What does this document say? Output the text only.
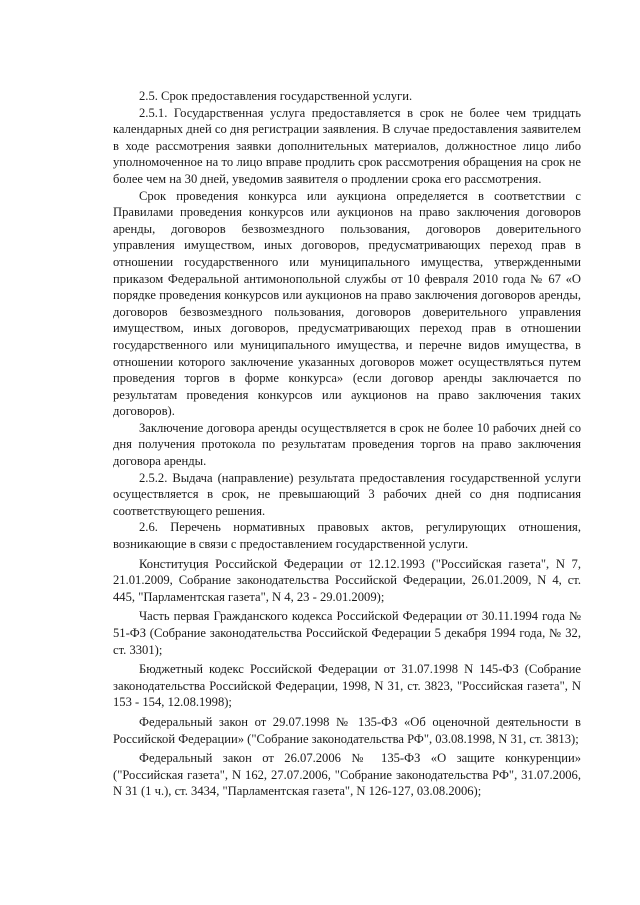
2.5. Срок предоставления государственной услуги.

2.5.1. Государственная услуга предоставляется в срок не более чем тридцать календарных дней со дня регистрации заявления. В случае предоставления заявителем в ходе рассмотрения заявки дополнительных материалов, должностное лицо либо уполномоченное на то лицо вправе продлить срок рассмотрения обращения на срок не более чем на 30 дней, уведомив заявителя о продлении срока его рассмотрения.

Срок проведения конкурса или аукциона определяется в соответствии с Правилами проведения конкурсов или аукционов на право заключения договоров аренды, договоров безвозмездного пользования, договоров доверительного управления имуществом, иных договоров, предусматривающих переход прав в отношении государственного или муниципального имущества, утвержденными приказом Федеральной антимонопольной службы от 10 февраля 2010 года № 67 «О порядке проведения конкурсов или аукционов на право заключения договоров аренды, договоров безвозмездного пользования, договоров доверительного управления имуществом, иных договоров, предусматривающих переход прав в отношении государственного или муниципального имущества, и перечне видов имущества, в отношении которого заключение указанных договоров может осуществляться путем проведения торгов в форме конкурса» (если договор аренды заключается по результатам проведения конкурсов или аукционов на право заключения таких договоров).

Заключение договора аренды осуществляется в срок не более 10 рабочих дней со дня получения протокола по результатам проведения торгов на право заключения договора аренды.

2.5.2. Выдача (направление) результата предоставления государственной услуги осуществляется в срок, не превышающий 3 рабочих дней со дня подписания соответствующего решения.

2.6. Перечень нормативных правовых актов, регулирующих отношения, возникающие в связи с предоставлением государственной услуги.

Конституция Российской Федерации от 12.12.1993 ("Российская газета", N 7, 21.01.2009, Собрание законодательства Российской Федерации, 26.01.2009, N 4, ст. 445, "Парламентская газета", N 4, 23 - 29.01.2009);

Часть первая Гражданского кодекса Российской Федерации от 30.11.1994 года № 51-ФЗ (Собрание законодательства Российской Федерации 5 декабря 1994 года, № 32, ст. 3301);

Бюджетный кодекс Российской Федерации от 31.07.1998 N 145-ФЗ (Собрание законодательства Российской Федерации, 1998, N 31, ст. 3823, "Российская газета", N 153 - 154, 12.08.1998);

Федеральный закон от 29.07.1998 № 135-ФЗ «Об оценочной деятельности в Российской Федерации» ("Собрание законодательства РФ", 03.08.1998, N 31, ст. 3813);

Федеральный закон от 26.07.2006 № 135-ФЗ «О защите конкуренции» ("Российская газета", N 162, 27.07.2006, "Собрание законодательства РФ", 31.07.2006, N 31 (1 ч.), ст. 3434, "Парламентская газета", N 126-127, 03.08.2006);
